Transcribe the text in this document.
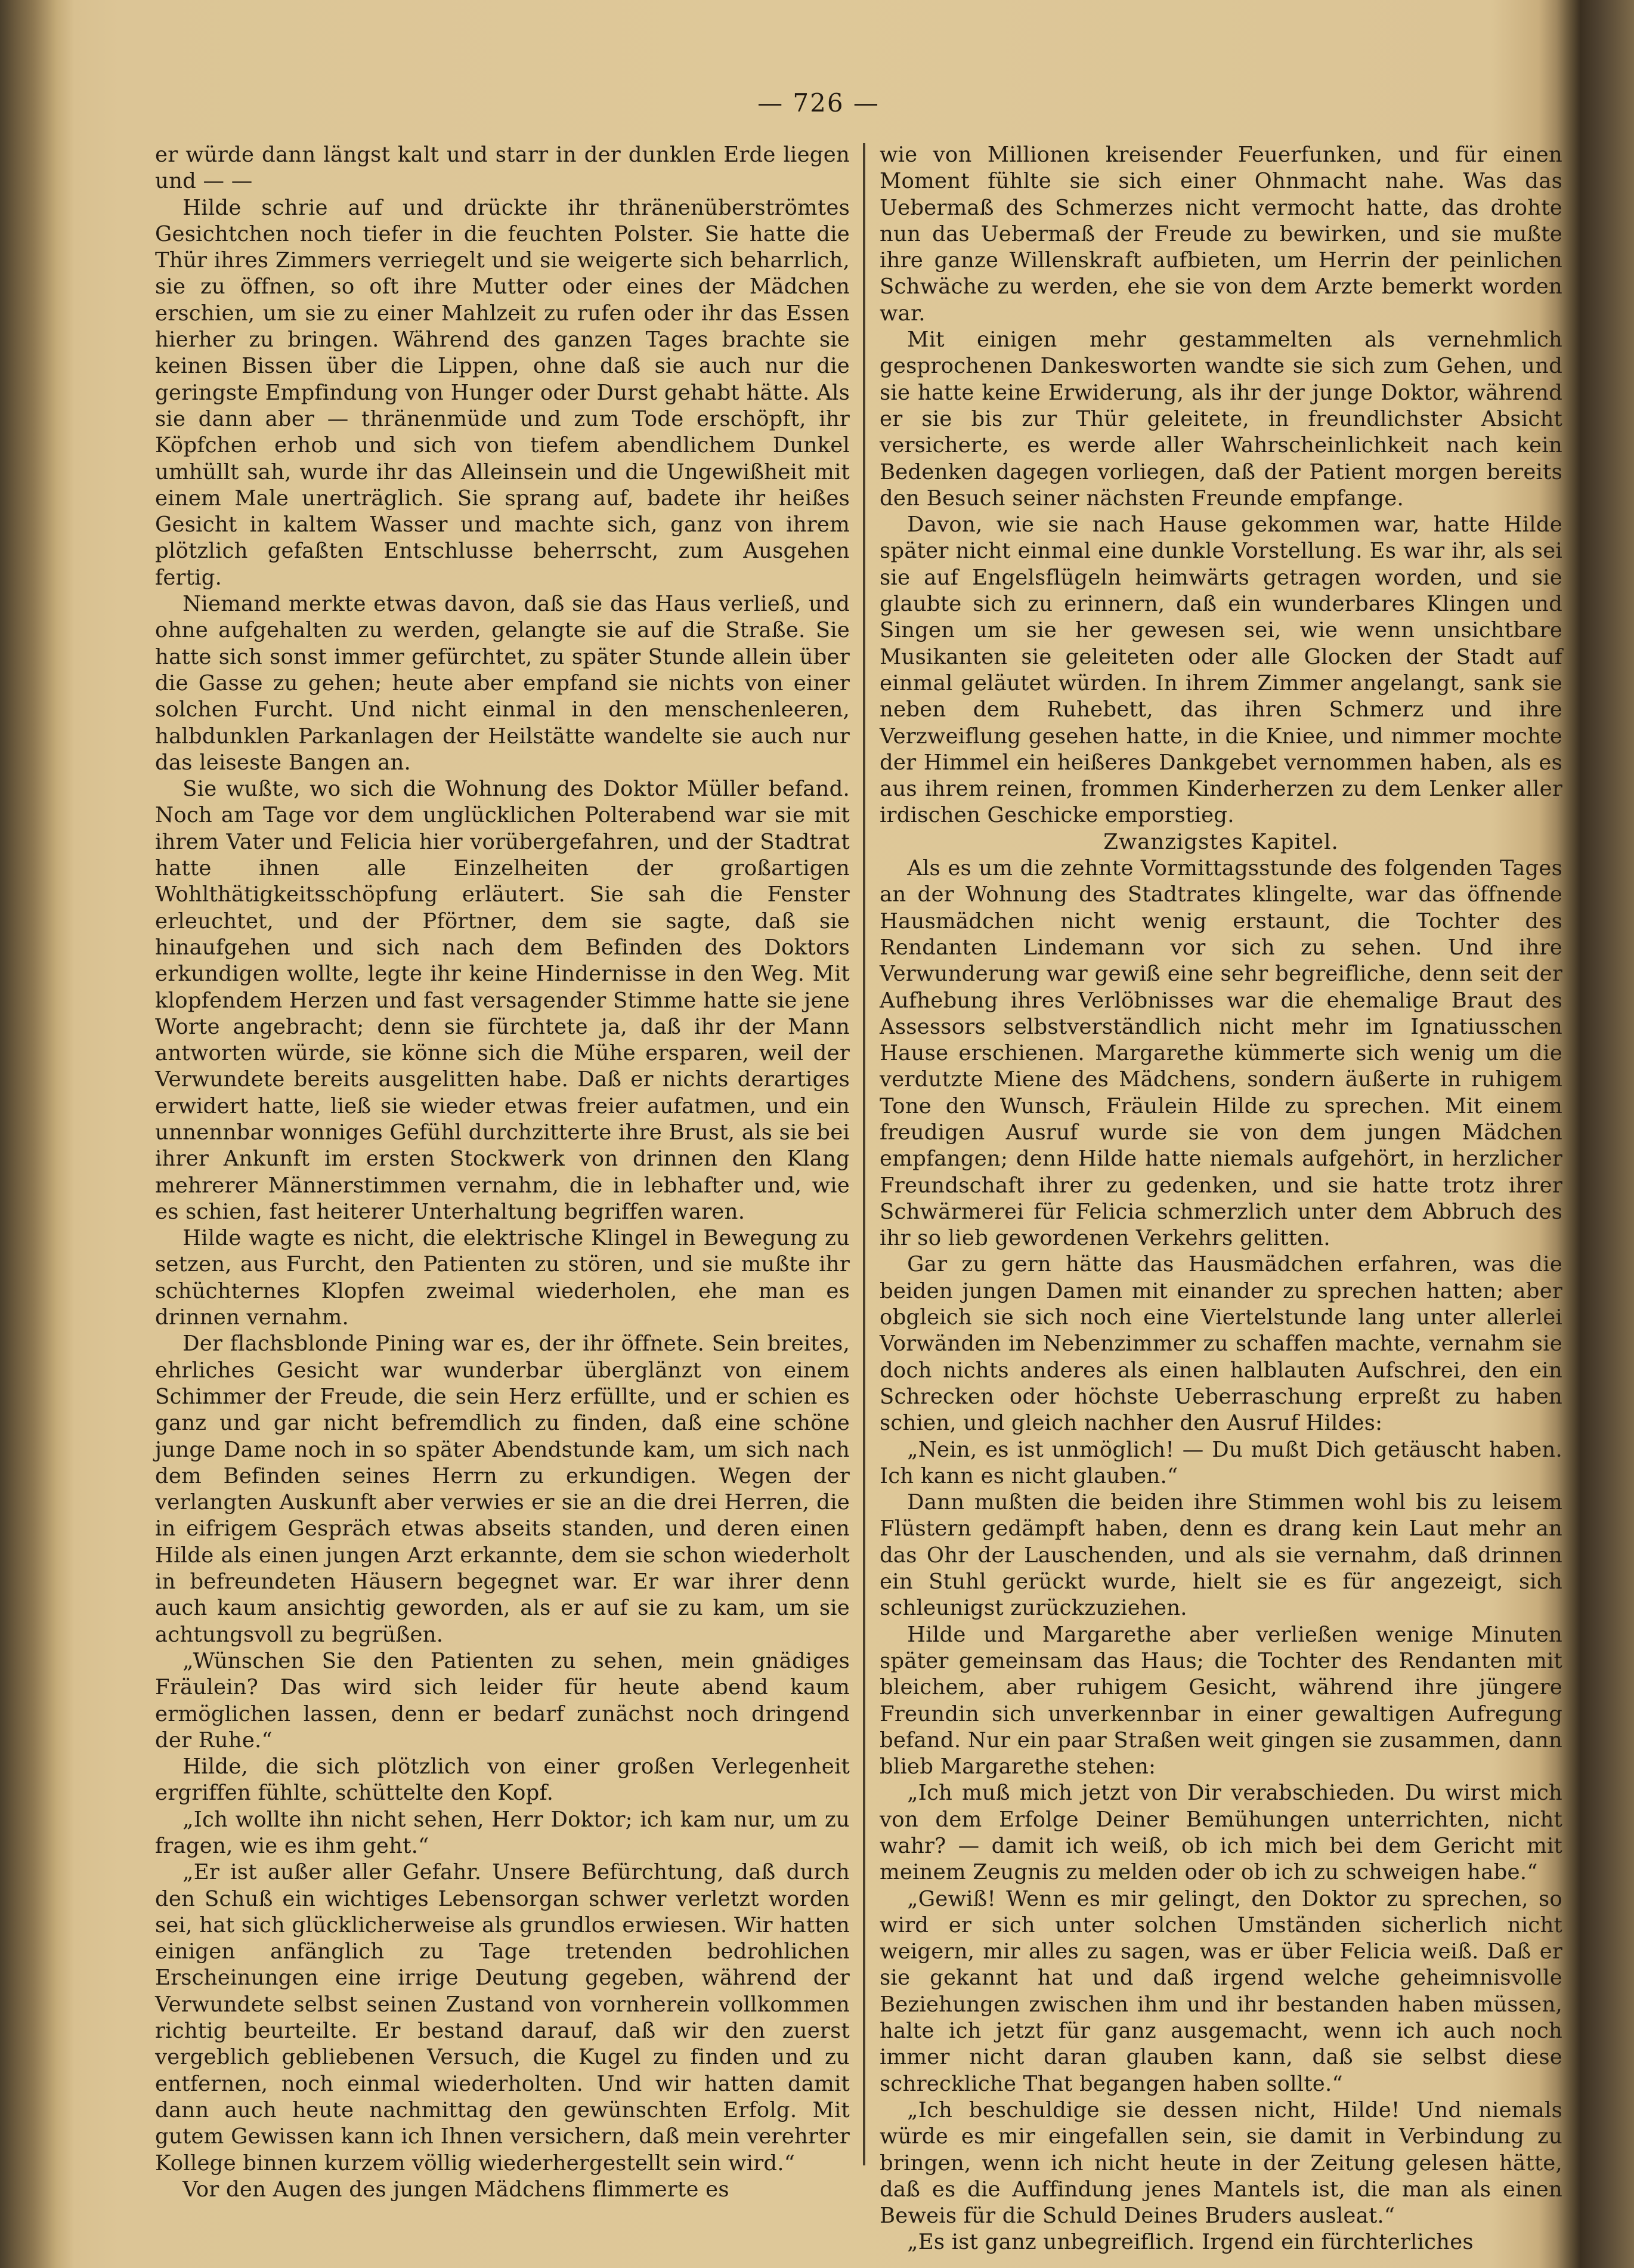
— 726 —

er würde dann längst kalt und starr in der dunklen Erde liegen und — —

Hilde schrie auf und drückte ihr thränenüberströmtes Gesichtchen noch tiefer in die feuchten Polster. Sie hatte die Thür ihres Zimmers verriegelt und sie weigerte sich beharrlich, sie zu öffnen, so oft ihre Mutter oder eines der Mädchen erschien, um sie zu einer Mahlzeit zu rufen oder ihr das Essen hierher zu bringen. Während des ganzen Tages brachte sie keinen Bissen über die Lippen, ohne daß sie auch nur die geringste Empfindung von Hunger oder Durst gehabt hätte. Als sie dann aber — thränenmüde und zum Tode erschöpft, ihr Köpfchen erhob und sich von tiefem abendlichem Dunkel umhüllt sah, wurde ihr das Alleinsein und die Ungewißheit mit einem Male unerträglich. Sie sprang auf, badete ihr heißes Gesicht in kaltem Wasser und machte sich, ganz von ihrem plötzlich gefaßten Entschlusse beherrscht, zum Ausgehen fertig.

Niemand merkte etwas davon, daß sie das Haus verließ, und ohne aufgehalten zu werden, gelangte sie auf die Straße. Sie hatte sich sonst immer gefürchtet, zu später Stunde allein über die Gasse zu gehen; heute aber empfand sie nichts von einer solchen Furcht. Und nicht einmal in den menschenleeren, halbdunklen Parkanlagen der Heilstätte wandelte sie auch nur das leiseste Bangen an.

Sie wußte, wo sich die Wohnung des Doktor Müller befand. Noch am Tage vor dem unglücklichen Polterabend war sie mit ihrem Vater und Felicia hier vorübergefahren, und der Stadtrat hatte ihnen alle Einzelheiten der großartigen Wohlthätigkeitsschöpfung erläutert. Sie sah die Fenster erleuchtet, und der Pförtner, dem sie sagte, daß sie hinaufgehen und sich nach dem Befinden des Doktors erkundigen wollte, legte ihr keine Hindernisse in den Weg. Mit klopfendem Herzen und fast versagender Stimme hatte sie jene Worte angebracht; denn sie fürchtete ja, daß ihr der Mann antworten würde, sie könne sich die Mühe ersparen, weil der Verwundete bereits ausgelitten habe. Daß er nichts derartiges erwidert hatte, ließ sie wieder etwas freier aufatmen, und ein unnennbar wonniges Gefühl durchzitterte ihre Brust, als sie bei ihrer Ankunft im ersten Stockwerk von drinnen den Klang mehrerer Männerstimmen vernahm, die in lebhafter und, wie es schien, fast heiterer Unterhaltung begriffen waren.

Hilde wagte es nicht, die elektrische Klingel in Bewegung zu setzen, aus Furcht, den Patienten zu stören, und sie mußte ihr schüchternes Klopfen zweimal wiederholen, ehe man es drinnen vernahm.

Der flachsblonde Pining war es, der ihr öffnete. Sein breites, ehrliches Gesicht war wunderbar überglänzt von einem Schimmer der Freude, die sein Herz erfüllte, und er schien es ganz und gar nicht befremdlich zu finden, daß eine schöne junge Dame noch in so später Abendstunde kam, um sich nach dem Befinden seines Herrn zu erkundigen. Wegen der verlangten Auskunft aber verwies er sie an die drei Herren, die in eifrigem Gespräch etwas abseits standen, und deren einen Hilde als einen jungen Arzt erkannte, dem sie schon wiederholt in befreundeten Häusern begegnet war. Er war ihrer denn auch kaum ansichtig geworden, als er auf sie zu kam, um sie achtungsvoll zu begrüßen.

„Wünschen Sie den Patienten zu sehen, mein gnädiges Fräulein? Das wird sich leider für heute abend kaum ermöglichen lassen, denn er bedarf zunächst noch dringend der Ruhe.“

Hilde, die sich plötzlich von einer großen Verlegenheit ergriffen fühlte, schüttelte den Kopf.

„Ich wollte ihn nicht sehen, Herr Doktor; ich kam nur, um zu fragen, wie es ihm geht.“

„Er ist außer aller Gefahr. Unsere Befürchtung, daß durch den Schuß ein wichtiges Lebensorgan schwer verletzt worden sei, hat sich glücklicherweise als grundlos erwiesen. Wir hatten einigen anfänglich zu Tage tretenden bedrohlichen Erscheinungen eine irrige Deutung gegeben, während der Verwundete selbst seinen Zustand von vornherein vollkommen richtig beurteilte. Er bestand darauf, daß wir den zuerst vergeblich gebliebenen Versuch, die Kugel zu finden und zu entfernen, noch einmal wiederholten. Und wir hatten damit dann auch heute nachmittag den gewünschten Erfolg. Mit gutem Gewissen kann ich Ihnen versichern, daß mein verehrter Kollege binnen kurzem völlig wiederhergestellt sein wird.“

Vor den Augen des jungen Mädchens flimmerte es

wie von Millionen kreisender Feuerfunken, und für einen Moment fühlte sie sich einer Ohnmacht nahe. Was das Uebermaß des Schmerzes nicht vermocht hatte, das drohte nun das Uebermaß der Freude zu bewirken, und sie mußte ihre ganze Willenskraft aufbieten, um Herrin der peinlichen Schwäche zu werden, ehe sie von dem Arzte bemerkt worden war.

Mit einigen mehr gestammelten als vernehmlich gesprochenen Dankesworten wandte sie sich zum Gehen, und sie hatte keine Erwiderung, als ihr der junge Doktor, während er sie bis zur Thür geleitete, in freundlichster Absicht versicherte, es werde aller Wahrscheinlichkeit nach kein Bedenken dagegen vorliegen, daß der Patient morgen bereits den Besuch seiner nächsten Freunde empfange.

Davon, wie sie nach Hause gekommen war, hatte Hilde später nicht einmal eine dunkle Vorstellung. Es war ihr, als sei sie auf Engelsflügeln heimwärts getragen worden, und sie glaubte sich zu erinnern, daß ein wunderbares Klingen und Singen um sie her gewesen sei, wie wenn unsichtbare Musikanten sie geleiteten oder alle Glocken der Stadt auf einmal geläutet würden. In ihrem Zimmer angelangt, sank sie neben dem Ruhebett, das ihren Schmerz und ihre Verzweiflung gesehen hatte, in die Kniee, und nimmer mochte der Himmel ein heißeres Dankgebet vernommen haben, als es aus ihrem reinen, frommen Kinderherzen zu dem Lenker aller irdischen Geschicke emporstieg.

Zwanzigstes Kapitel.

Als es um die zehnte Vormittagsstunde des folgenden Tages an der Wohnung des Stadtrates klingelte, war das öffnende Hausmädchen nicht wenig erstaunt, die Tochter des Rendanten Lindemann vor sich zu sehen. Und ihre Verwunderung war gewiß eine sehr begreifliche, denn seit der Aufhebung ihres Verlöbnisses war die ehemalige Braut des Assessors selbstverständlich nicht mehr im Ignatiusschen Hause erschienen. Margarethe kümmerte sich wenig um die verdutzte Miene des Mädchens, sondern äußerte in ruhigem Tone den Wunsch, Fräulein Hilde zu sprechen. Mit einem freudigen Ausruf wurde sie von dem jungen Mädchen empfangen; denn Hilde hatte niemals aufgehört, in herzlicher Freundschaft ihrer zu gedenken, und sie hatte trotz ihrer Schwärmerei für Felicia schmerzlich unter dem Abbruch des ihr so lieb gewordenen Verkehrs gelitten.

Gar zu gern hätte das Hausmädchen erfahren, was die beiden jungen Damen mit einander zu sprechen hatten; aber obgleich sie sich noch eine Viertelstunde lang unter allerlei Vorwänden im Nebenzimmer zu schaffen machte, vernahm sie doch nichts anderes als einen halblauten Aufschrei, den ein Schrecken oder höchste Ueberraschung erpreßt zu haben schien, und gleich nachher den Ausruf Hildes:

„Nein, es ist unmöglich! — Du mußt Dich getäuscht haben. Ich kann es nicht glauben.“

Dann mußten die beiden ihre Stimmen wohl bis zu leisem Flüstern gedämpft haben, denn es drang kein Laut mehr an das Ohr der Lauschenden, und als sie vernahm, daß drinnen ein Stuhl gerückt wurde, hielt sie es für angezeigt, sich schleunigst zurückzuziehen.

Hilde und Margarethe aber verließen wenige Minuten später gemeinsam das Haus; die Tochter des Rendanten mit bleichem, aber ruhigem Gesicht, während ihre jüngere Freundin sich unverkennbar in einer gewaltigen Aufregung befand. Nur ein paar Straßen weit gingen sie zusammen, dann blieb Margarethe stehen:

„Ich muß mich jetzt von Dir verabschieden. Du wirst mich von dem Erfolge Deiner Bemühungen unterrichten, nicht wahr? — damit ich weiß, ob ich mich bei dem Gericht mit meinem Zeugnis zu melden oder ob ich zu schweigen habe.“

„Gewiß! Wenn es mir gelingt, den Doktor zu sprechen, so wird er sich unter solchen Umständen sicherlich nicht weigern, mir alles zu sagen, was er über Felicia weiß. Daß er sie gekannt hat und daß irgend welche geheimnisvolle Beziehungen zwischen ihm und ihr bestanden haben müssen, halte ich jetzt für ganz ausgemacht, wenn ich auch noch immer nicht daran glauben kann, daß sie selbst diese schreckliche That begangen haben sollte.“

„Ich beschuldige sie dessen nicht, Hilde! Und niemals würde es mir eingefallen sein, sie damit in Verbindung zu bringen, wenn ich nicht heute in der Zeitung gelesen hätte, daß es die Auffindung jenes Mantels ist, die man als einen Beweis für die Schuld Deines Bruders ausleat.“

„Es ist ganz unbegreiflich. Irgend ein fürchterliches
